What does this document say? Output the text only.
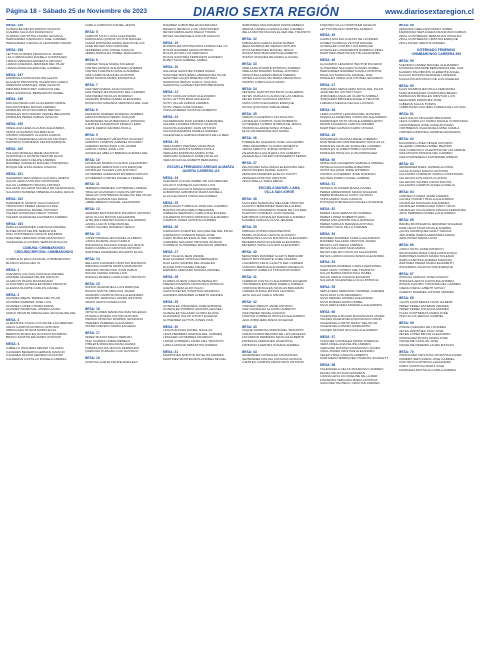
Página 18 - Sábado 25 de Noviembre de 2023	DIARIO SEXTA REGIÓN	www.diariosextaregion.cl
MESA: 155
GONZALEZ REYES MARCO IGNACIO
GUERRA SALJUAN FRANCISCO
GUZMAN CRYSTHALI IMARA GIOVANA
HERNANDEZ CARRASCO JOEL CARMEN
HERNANDEZ CARVALLO LEONARDO MAURI
MESA: 156
LEYTON CORTES FRANCISCO JAVIER
LILLO ARRIAGADA DANIELA CONSTANZA
LIZANA VERGARA ERNESTO ARTURO
LIZANA QUEZADA JENIFFER DEL PILAR
LIZANA RAMA ZULEMA DEL CARMEN
MESA: 157
MADRIAGA MUÑOZ FELIPE ALEXIS
ELGUETA PROVOSTE VALENTINA CAMILA
SERRANO MORALES JOSE IGNACIO
MIRANDA PINOCHET CAROLINA DEL
MEZA SANDOVAL BERNARDITA ISABEL
MESA: 158
MOLINA PEÑOLOZA GUILLERMO ANIBAL
MOLINA PIÑEDA MATIAS ANDRES
MORALES SOTO EDUARDO NEFTALI
MORALES SOLORZANO ISMAEL BENJAMIN
MORALES PEREZ FABIAN IGNACIO
MESA: 159
ORELLANA LEMA CLAUDIA ALEJANDRA
ORTIZ GUAJARDO PALMIRA EVA
OSORIO NAVARRO CLAUDIA KARINA
OTEIZA VALENZUELA NICOLAS ANTONIO
PACHECO CARDENAS FELIPE ENRIQUE
MESA: 160
PULGAR MORAGA RENE MAURICIO
QUINTANILLA DUARTE HECTOR ELIAS
RAMIREZ ARAYA FELIPE ANDRES
RAMIREZ CORNEJO MANUEL HORTENSIA
ROQUE ME LISSA MARIA IGNACIA
MESA: 161
SAAVEDRA SEPULVEDA CLAUDIA LORETO
SALAS JARA KATALINA CONSTANZA
SALAS LAMBERTO BIANCA ANTONIA
SALAZAR SALAZAR SOCIELA DE MAGDALENA
SALDAÑO RAMIREZ NIBEDELIA MARIA JESUS
MESA: 162
SARMIENTO MUÑOZ JUAN IGNACIO
TRONCOSO PEREZ ANGELICA PAZ
URZUA MORAGA DANIEL ANTONIO
VALDES GONZALEZ DIEGO TOMAS
VALDES VALENZUELA ESTEBAN ANDRES
MESA: 163
PADILLA MONDINES CAROLINA ANDREA
NUÑEZ MOYA FELIPE SEBASTIAN
PIÑA CONTRERAS CARLOS ESTEBAN
SANCHEZ VERGARA JOSE FRANCISCO
VALENZUELA LUCERO SEBASTIAN ELIAS
COMUNA: CHIMBARONGO
CIRCUNSCRIPCIÓN: CHIMBARONGO
COMPLEJO EDUCACIONAL CHIMBARONGO
BLANCO ESCALADA 70
MESA: 1
ACEVEDO CALIXAS CATALINA ANDREA
ADASME ALVAREZ FELIPE IGNACIO
ALARCON PALMA MAXIMILIANO
ALCANTARA GONZALEZ MARIA FRANCIA
ALEGRIA DUARTE CARLOS DANIEL
MESA: 2
ALVAREZ ABETE TERESA DEL PILAR
ALVAREZ RAMIREZ JOSE LUIS
ALVAREZ LOPEZ CHIARA MARIA
ALVAREZ SANDOVAL JAVIERA ANAID
AMIGO INFANTE ARRIAGADA JACQUELINE DEL
MESA: 3
ALMIRANTE CASILLO FLOR DE LAS MERCED
ARIAS CAMPOS PATRICIO ANTONIO
ARRIAGADA MUÑOZ MARIA ELISA
BERRIOS MORALES GUSTAVO ESTEBAN
BRAVO SANTOS EDUARDO ANTONIO
MESA: 4
CABELLO PEQUEÑA MIRIAM YOLANDA
CACERES BECERRA GERMAN IGNACIO
CACERES MUÑOZ GERMAN ALFONSO
CALDERON CASTILLO DANIELA ANDREA
CAMILA CARDOSO DANIEL JESUS
MESA: 5
CAMPOS SOTO LUISA ALEJANDRA
ARRIAGADA QUIROZ VICTOR MANUEL
CASAS ESPINOZA MARIA JESUS DE LAS
CASE MEYER ANA CAROLINE
CESPEDES AIVA JORGE CARLOS
CERDA MORALES ISABEL MARGARITA
MESA: 6
CORREA TAGLE MARIA SOLEDAD
CORTES MUÑOZ ALEJANDRO ANDRES
CORTES FUENTES NATALIA ANDREA
DIAZ CAMPOS MANUEL ANTONIO
PAVEZ MUÑOZ MARIA FRANCISCA
MESA: 7
DIAZ SEPULVEDA JUAN IGNACIO
DIAZ PEREZ MAXIMILIANO DEL CARMEN
DIAZ PEREZ NICOLAS RODRIGO
NAVARRO BARRA ISABEL ALEJANDRA
TRONCOSO MIRANDA VERONICA DEL CAR
MESA: 8
ESPINOZA JIMENEZ RODRIGO ANDRES
FARIAS PARADA PEDRO JOAQUIN
FERNANDEZ SILVA BERONICA JOHANNA
FUENTES ALAVERDIAN FRANCO ERIC
GAETE CERDA SANDRA PAOLA
MESA: 9
GALAZ CORNEJO VALENTINA SCARLET
GARRIDO CAMPOS GABRIEL RICARDO
GARRIDO BASCUÑAN LUIS JAVIER
GARCIA LOPEZ JOSE LUIS
GONZALEZ ABELLO BRENDA AURORA DEL
MESA: 10
GONZALEZ MORAN CLAUDIO ALEJANDRO
GONZALEZ SEBASTIAN LUIS ENRIQUE
GONZALEZ VALDES LUIS ANTONIO
GUTIERREZ AVENDAÑO ESTEBAN MATIAS
GUTIERREZ CORTES DANIELA TERESA
MESA: 11
HERRERA PAREDES CATHERINE LORENA
HIDALGO ALVARADO CARLOS ARTURO
HIDALGO CONTRERAS ANGELICA DEL PILAR
IBARRA GUZMAN ANA MARIA
LABBE ABREGO MIGUEL ALEJANDRO
MESA: 12
LEDESMA BUSTAMANTE RICARDO ANTONIO
LEIVA OLLOA MATIAS ALEJANDRO
LETELIER FUENTES DANILO ALEJANDRO
LIZANA LAGOS JOSE MANUEL
LOBOS VALDES RODRIGO JESUS
MESA: 13
LOPEZ PARRAGUEZ DANIEL ALFREDO
LORCA DUARTE JUAN CAMILO
MADARIAGA SALINAS ANGELICA JESUS
MARIN CARRILLO CRISTIAN ANTONIO
MARTINEZ CESPEDES RICARDO ELIAS
MESA: 14
MELLADO FAUNDEZ CRISTIAN MAURICIO
MIRANDA DUARTE MARTA MARGARITA
MIRANDA TRONCOSO JUAN PABLO
MOLINA CERDA JORGE LUIS
MORAGA RIVERA CAMILA DEL TRANSITO
MESA: 15
MUÑOZ VALENZUELA LUIS ENRIQUE
MUÑOZ SANTIS CRISTIAN JAVIER
NAVARRO CAMPOS PAOLA ALEJANDRA
NAVARRO VERDUGO JAVIER ANTONIO
OPAZO ARAYA DANIELA PAZ
MESA: 16
ORTIZ FLORES MARIA PALOMA SOLEDAD
OTAROLA RIVERA VICTOR ANTONIO
PARRAO DONOSO DOMINIK GRAZIANO
PAREDES PAREDES ALEJANDRA
PASTEN REVECO MARIA EUGENIA
MESA: 17
PEREZ MUÑOZ DIEGO HERNAN
PINO SUAREZ NOEMI REBECA
POBLETE MIRANDA DIANA GIANNI
PORRAS ROJAS MATIAS FERNANDO
QUEROGA HUMAIDA LUIS GUSTAVO
MESA: 18
QUIROGA GAETE FELIPE MARCELO
RAMIREZ LOBOS BELEN ESTEFANIA
REVECO REVECO LUIS CRISTOPHER
REYES REBOLLEDO DIEGO TOMAS
REYES VALENZUELA OSCAR IGNACIO
MESA: 19
RODRIGUEZ MONTECINOS NORMA DEL CA
ROJAS RAMIREZ MARIA PATRICIA
ROJAS ROJAS LUZ VERONICA
ROJAS SANCHEZ FERNANDO ALFREDO
RUBIO SILVA GABRIEL ANIBAL
MESA: 20
SALAZAR SANCHEZ KAREN MARIA
SANCHEZ MAHUENDA ANDREA DEL PILAR
SANCHEZ LAGOS BRENDA ANTONIA
SANDOVAL BRAVO CAROL YAQUICA
SANDOVAL GUZMAN BAYRON BENJAMIN
MESA: 21
SOTO CATALAN DAVID ALEJANDRO
SOTO LEYTON MIDA ANGELINA
SOTO VILLAR FABIAN ANDRES
SOTO VIERA JOSE RAFAEL
TAPIA RAMIREZ CRISTIAN ALBERTO
MESA: 22
VALDERRAMA DIAZ JAVIERA FERNANDA
VALDES ALVAREZ FRANCO IGNACIO
VALDIVIA ACEVEDO JUAN ANTONIO
VALDIVIA BARRIOS PAMELA ANDREA
VALENZUELA GARCES MARISOL DE LA MER
MESA: 23
VERA PARRY PERSIDA VALENTINA
VERGARA DURAN SANDRA PAOLA
VERGARA ESPINOZA MARIA JOSE
VERGARA QUEZADA JAIME NICOLAS
VERA ROJAS ELIZABETH BERNARDA
ESCUELA FERNANDO ARENAS ALMARZA
JAVIERA CARRERA 115
MESA: 24
ACEVEDO CUGUE ISABEL DE LAS MERCED
AGUAYO CORNEJO ALFONSO LUIS
AGUILERA AGUAYO MALENA ANDREA
ALBORNOZ ALBORNOZ MARIA DANIELA
ALLIN LECAROS CAROLINA ANDREA
MESA: 25
ANDAÑUGO TURRIAGA JOSE DEL CARMEN
BASTOS ROJAS PABLO BENJAMIN
CABEZAS SERRANO CAMILA MAGDALENA
CALDERON POVEDA RODRIGO ALEJANDRO
CAMPOS YAÑEZ CRISTIAN ANDRES
MESA: 26
CARRASCO FUENTES JACQUELINE DEL PILAR
CARRASCO VIVEROS MARIA JOSE
CARO MORALES ESGLIO DEL CARMEN
CARRERA SALAZAR CRISTIAN IGNACIO
CORNEJO GUTIERREZ MAURICIO ANDRES
MESA: 27
DIAZ VILLENA JEAN ANDRE
DIAZ ALVAREZ CRISTIAN BERNARDO
DIAZ LEON SANDRA DEL ANGELES
DUQUE PINO DANIEL ISRAEL
ESPARZA VERGARA SUSANA ANDREA
MESA: 28
FLORES DURAN CARLOS REINALDO
FREDES RIVEROS FRANCISCA PATRICIA
GAETE LOEZA ALDO ISAAC
GARCIA REYES JONATHAN MAURICIO
GARRIDO RIBARREN ALBERTO ANDRES
MESA: 29
GONZALEZ JORQUERA JOSE ENRIQUE
GONZALEZ POMERO ANANIAS ARACELI
GONZALEZ SALAZAR GLORIA ELIANA
GUAJARDO SALAZ JUDITH EUGENIA
GUTIERREZ LEYTON JONES IVAN
MESA: 30
LAGOS ZUÑIGA DANIEL NICOLAS
LEIVA HERRERA MARISOLDEL CARMEN
LETELIER GUTIERREZ MAURICIO
LOPAR CORDERO JANET DEL TRANSITO
LORCA MUÑOZ SEBASTIAN ANDRES
MESA: 31
MARDONES NORTON NAYELITA ANDRES
MARTINEZ MONTECINOS ANDREA MICAEL
MARDONES MALDONADO MARIA REBECA
MEDINA CARRILLO ERCILIA DEL CARMEN
MELLA MAYOR MACIAS ELCER DEL TRANSITO
MESA: 32
ARRIAGADA GARCIA DAVID RUBEN
MENA MANRIQUEZ SERGIO ARTURO
MOYA MARDONES MANUEL JESUS
MUÑOZ DIAZ MARGARITA ELIZABETH
MUÑOZ VASQUEZ DE MARIA LUCIANA
MESA: 33
ORELLANA TRIARTE PATRICIO ANDRES
ORELLANA PARAMO DANIEL ANTONIO
ORIGOTELA LEIMAN BRIAN ANDRES
ORTEGA ALGOLLOR MARIA FRANCISCA
OSORIO LOBOS RAUL DAVID
MESA: 34
RETAMAL SANTOS PATRICIO GUILLERMO
REYES VARGAS CLAUDIA DE LAS MERCE
REYES POZO GUSTAVO ADOLFO
RIVAS OCHOA EDUARDO ENRIQUE
ROJAS QUINTANA JORGE RENE
MESA: 35
FARFAN CALDERON LUIS PAULINO
GONZALEZ CAMPOS JUAN ROBERTO
GUTIERREZ OVIEDO ROMINA DE JESUS
OSORIO ALLENDE SONIA JOSELA
SILVA VALDERRAMA ANA MARIA
MESA: 36
TORREALBA QUEZADA JOSE GUILLERMO
URRA MARAMBIO CLAUDIO ERNESTO
URZUA ARROYO JORGE PATRICIO
VALENZUELA AGUILERA LUIS ALBERTO
VALENZUELA TOLEDO MONSERRAT FERNA
MESA: 37
VELASQUEZ MALLOMOIA ELEONORA AMA
VARAS RIVERA DANIEL ALEXIS
VERGARA PAREDES EVELYN JUDITH
VERGARA DONOSO CRISTIAN
VIDAS MIELLA TANIA MEDIA
ESCUELA MANUEL LAMA
VILLA SAN JORGE
MESA: 38
AGUILERA SANDOVAL MELANIE CRISTINA
AGURTO HERNANDEZ MARCELA ALENA
AHUMADA CHAMORRO NOEMI DE LAS MER
ALARCON CORNEJO JUAN MANUEL
ALBORNOZ GONZALEZ MARCELA ANDREA
ALVAREZ VARGAS OLIVIA JEANINE
MESA: 39
ARRIAGA COPPA DIANA BEATRIZ
BARRA VALDIVIA CARLOS GUSTAVO
BARRANTES LAGOS MAURICIO ALEJANDRO
BECERRA PEÑA SOLANGE ALEJANDRA
BECERRA TAPIA CLAUDIO ALEJANDRO
MESA: 40
BENAVIDES RAMIREZ GLADYS BERNARD
BRAVO BUSTAMANTE LORE VALERIA
CALDERON CELIS GLADYS DEL CARMEN
CANCINO MEDINA ALEJANDRA ANGELICA
CARREÑO CABELLO TATIANA ROSARIO
MESA: 41
CARREÑO CASTILLO ALEJANDRO EUGENIO
CONTRERAS ESCOBAR PAMELA ANDREA
CORDOVA MORALES NICOLAS BENJAMIN
CORREA ZUÑIGA MATIAS ALFONSO
LEIVA GALAZ CARLA IVANNA
MESA: 42
CORNEJO BRAVO JAIME ANTONIO
DIAZ GONZALEZ CLAUDIO ALBERTO
DIAZ PEREZ ISRAEL IGNACIO
DONOSO CORNEJO NICOLAS ALEJANDRO
LEVA JORQUERA MARIA SOLEDAD
MESA: 43
DUQUE SARROSA MIRIAM DEL TRANSITO
DURAN DURAN BEATRIZ DE LOS ANGELES
ESCANDON HERRERA NICOLAS ALBERTO
ESPINOZA ANDRADES VALENTINA
ESPINOZA FUENTES SUSANA ANDREA
MESA: 44
FERNANDEZ GONZALEZ CONSTANZA
FERNANDEZ MOLINA CATALINA IGNACIA
FUENTES CAMPOS FRANCISCO ANTONIO
FUENTES VILLA CRISTOFER IGNACIO
LEYTON REYES CRISTINA SANDRA
MESA: 45
GAMUA MOLINA JUANITA DE LOURDES
GOMEZ QUIROGA VICTOR MANUEL
GONZALEZ CASTRO LUIS ENRIQUE
GONZALEZ LAVANDEROS RODRIGO PEÑA
MARTINEZ PAEZ PAULETTE ALEJANDRA
MESA: 46
GUAJARDO LESAMCO HECTOR RICARDO
GUTIERREZ SALGADO SUSANA ISABEL
HERNANDEZ RAMIREZ CAMILA CRISTINA
HIDALGO SANDOVAL MANUEL NOE
MORALES ORELLANA OTONIEL EDUARDO
MESA: 47
JORQUERA SEPULVEDA NICOL DEL PILAR
JARA REYES VICTOR HUGO
JORQUERA AGUILAR CLARITA ANDREA
JORQUERA BRIONES ANGELO HECTOR
LABARCA MELIDA CECILIA LUCINDA
MESA: 48
LEIZA CASTRO LEONTINA DEL ROSARIO
MANCILLA MAMORGI CAROLINA ALEJANDRA
MARDONES SOTO NICOLE ANDRES ERTO
MARIN FIGUEROA CARLOS ANDRES
MARTINEZ GUZMAN KARIN VIVIANA
MESA: 49
MONARDES VALDIVIA RENE LORENZO
MONTENEGRO MONTENEGRO NICOLAS AL
MORALES AGUILAR SONIA DEL CARMEN
MORALES GUARDIO PABLO ANTONIO
MORALES HIDALGO LUIS RODRIGUEZ
MESA: 50
ORELLANA CALDERON MARCELA ANDREA
ORTEGA ALIAGA EMELIA BEATRIZ
ORTIZ SALAZAR JAIME ESTEBAN
OSORIO GUTIERREZ JOSE RODRIGO
SALINAS PARDO ANGEL GABRIEL
MESA: 51
ORTEGA OLIVARES MARIA DANIEL
PEREZ ARREDONDO MARIA SOLEDAD
PEREZ BOBADILLA IVONY OCTAVIO
TAPIA MARIN JUAN CARLOS
PONIQUE PUENZALIDA ANGELA SOLEDAD
MESA: 52
PEREZ LEIVA SEBASTIAN ANDRES
PEREZ LOPEZ ROBERTO ERIC
PEREZ MILLAHRATE RAUL ENRIQUE
PEREZ VARGAS MARIANA ANTONIA
PIZARRO HIJOL DE LA CARMEN
MESA: 53
RAMIREZ RAMIREZ CAMILA ALEJANDRA
RAMIREZ SALAZAR CRISTIAN JAVIER
REYES LUIS DIEGO ANDRES
REYES SALGADO MAIA MARIA
REYES DEL RIO NICOLAS ALEJANDRO
REYES LARRA IGNACIA MARIA ALEJANDRA
MESA: 54
SAAVEDRA RAMIREZ CAMILA FERNANDA
SAEZ LEON YOHNNY DEL TRANSITO
SALAS BARRA FRANCISCA ISABEL
SALAS URZUA CARLOS EUGENIO
SALAZAR VALENZUELA OLGA PATRICIA
MESA: 55
SEPULVEDA SERRANO CARMSEL CARMEN
SILVA DIAZ LUIS DESIDERIO
SILVA MEDINA JAVIERA ALEJANDRA
SILVA ROBLES ERIKA ISABEL
SILVA SEPULVEDA MARCELA ALEJANDRO
MESA: 56
VALENZUELA MUÑOZ MAXIMILIANO JAVIER
VALDES VALENZUELA FRANCISCO DAVID
VALENZUELA ORTIZ JENNY DEL PILAR
VALENZUELA PARDO MARGARITA
VALDES MUÑOZ NICOLAS ALEJANDRO
MESA: 57
VASQUEZ GONZALEZ MARIA JOSEFINA
VERA ORELLANA FELIPE ANDRES
VERGARA DONOSO FRANCISCO JAVIER
VIDAL PARRA CRISTIAN ALEJANDRO
VELEZ VIDAL CARLOS ALBERTO
SANHUEZA HENRIQUEZ CHARLES SCARLETT
MESA: 58
VALENZUELA CELAS FRANCISCO ANDRES
PALMA CRUZ DAVID ESTEBAN
LIZANA LEIVA JACQUELINE DE LA MER
FIGUEROA VERGARA MARIA CRISTINA
SANCHEZ PACHECO CRISTIAN ANDRES
MESA: 58
VERGARA ORELLANA MARIA ISABEL
ZAMORANO SEPULVEDA FRANCISCO FABIAN
VIDAL CONTRERAS SEBASTIAN OSVALDO
VIDAL CONTRERAS CRISTIAN ENRIQUE
VIDAL PAVEZ GRETHA ANDREA
INTERNADO FEMENINO
CHIMBARONGO CARRERA 350
MESA: 59
ACEVEDO GOMEZ MANUEL ALEJANDRO
AHUMADA PASTENE BERNARDITA DEL CAR
AGUERO PALOMINOS CLEMENTE ANGEL
ALAGUA DONOSO ENRIQUE LORENZO
ALIAGA ROJAS ROCIO DE LOS ANGELES
MESA: 60
ALIAS MANRIQUEZ PAULA FERNANDA
AZAR MANRIQUEZ CONSTANZA BELEN
BARRAGAN MORALES CRISTIAN LUIS
BENAVIDES MARTINEZ JOSE
CABEZAS SALAS TOMAS
CAMBUSANO FIGUERA LORENA DE LOS ANG
MESA: 61
CELIS SALAS ORLANDO BENJAMIN
CELIS CAMPILLAY MARIA NICOLE CONSTANZA
CONSTRERAS JOSE JOAQUIN DAVID
CONTRERAS VALENZUELA MINA CAMILA
CORNEJO MIRANDA JAZMINE FERNANDA
MESA: 62
BAGORRIA LOPEZ CESAR ALFONSO
DE LEIDE CORREA ISABEL BEATRIZ
DIAZ CARRASCO VALENTINA DE LAS MERCE
DIAZ MUÑOZ ROSANA DEL CARMEN
DIAZ RIVADENEGO KATHERINE SIMENA
MESA: 63
FERNANDEZ BAEZ JAVIERA ALONSO
GALAZ ZUÑIGA MARCO ANTONIO
GALLARDO CORNEJO CAMILA CONSTANZA
GALLEGUILLOS ARAYA CLAUDIO
GALLEGOS VALDES CAROLINA PAZ
GALLARDO CAMPOS ANGELA NOELIA
MESA: 64
CORNEJO NUÑEZ JAIME ANDRES
GALVEZ OVANDY PAULA ALEJANDRA
GONZALEZ NARANJO ALEJANDRA
GONZALEZ PARRAGUEZ CINDY NICOL
GONZALEZ VILLANUEVA IGNACIA FERNANDA
LEIVA HERRERA DANIELA ALEJANDRA
MESA: 65
IBARRA MOSTEGROA JENNIFER SOLEDAD
JOPE LEON TANIA NICOLE ANDREA
LAGOS MANRIQUEZ LESLY ORIANA
LEPIJANDE PARRA FERNANDA MARIA
LEPE PAVEZ MARIA LUISA
MESA: 66
LORCA SOTO JAIME PATRICIO
MALDONADO BAEZ CARLA FRANCISCA
MARDONES FARIAS MARIA SOLEDAD
MARIN FUENTES ANDREA MARIANA
MARTINEZ PEREZ MARIA ELIZABETH
MONARDES VALDIVIA NINI ENRIQUE
MESA: 67
MORAGA VARGAS JOSE IGNACIO
MORALES ARAYA CAROLINA ANDREA
MORAN CASTRO YOHANNA DEL CARMEN
OJEDA OJEDA LIZBETH NATALY
OLMEDO RAMIREZ JOHANN ANDRES
MESA: 68
LAGOS CONTRERAS HANS GILBERT
PEREZ PEREZ ESTEBAN ANDRES
PEREZ PEREZ CATALINA ANDREA
PLAZA CONTRERAS MARIA JOSE
PIÑA ULLOA SERGIO GABRIEL
MESA: 69
PONCE QUEZADA DE LOURDES
REYES MARTINEZ JUAN JOSE
REYES LOPEZ BRYAN ALEJANDRO
RODRIGUEZ ROJAS MARIA JOSE
RIQUELME CATALAN JOSE
RIQUELME PEREIRA LAURA MATILDA
MESA: 70
RODRIGUEZ CRISTOSA JONATHAN ALFER
ROMERO SEPULVEDA JOSE GABRIEL
RUIZ NOVOA PATRICIA ALEJANDRA
RUBIO CRISTOSA MARIA JOSE
SANHUEZA MATTALIA CAMILA ANDREA
